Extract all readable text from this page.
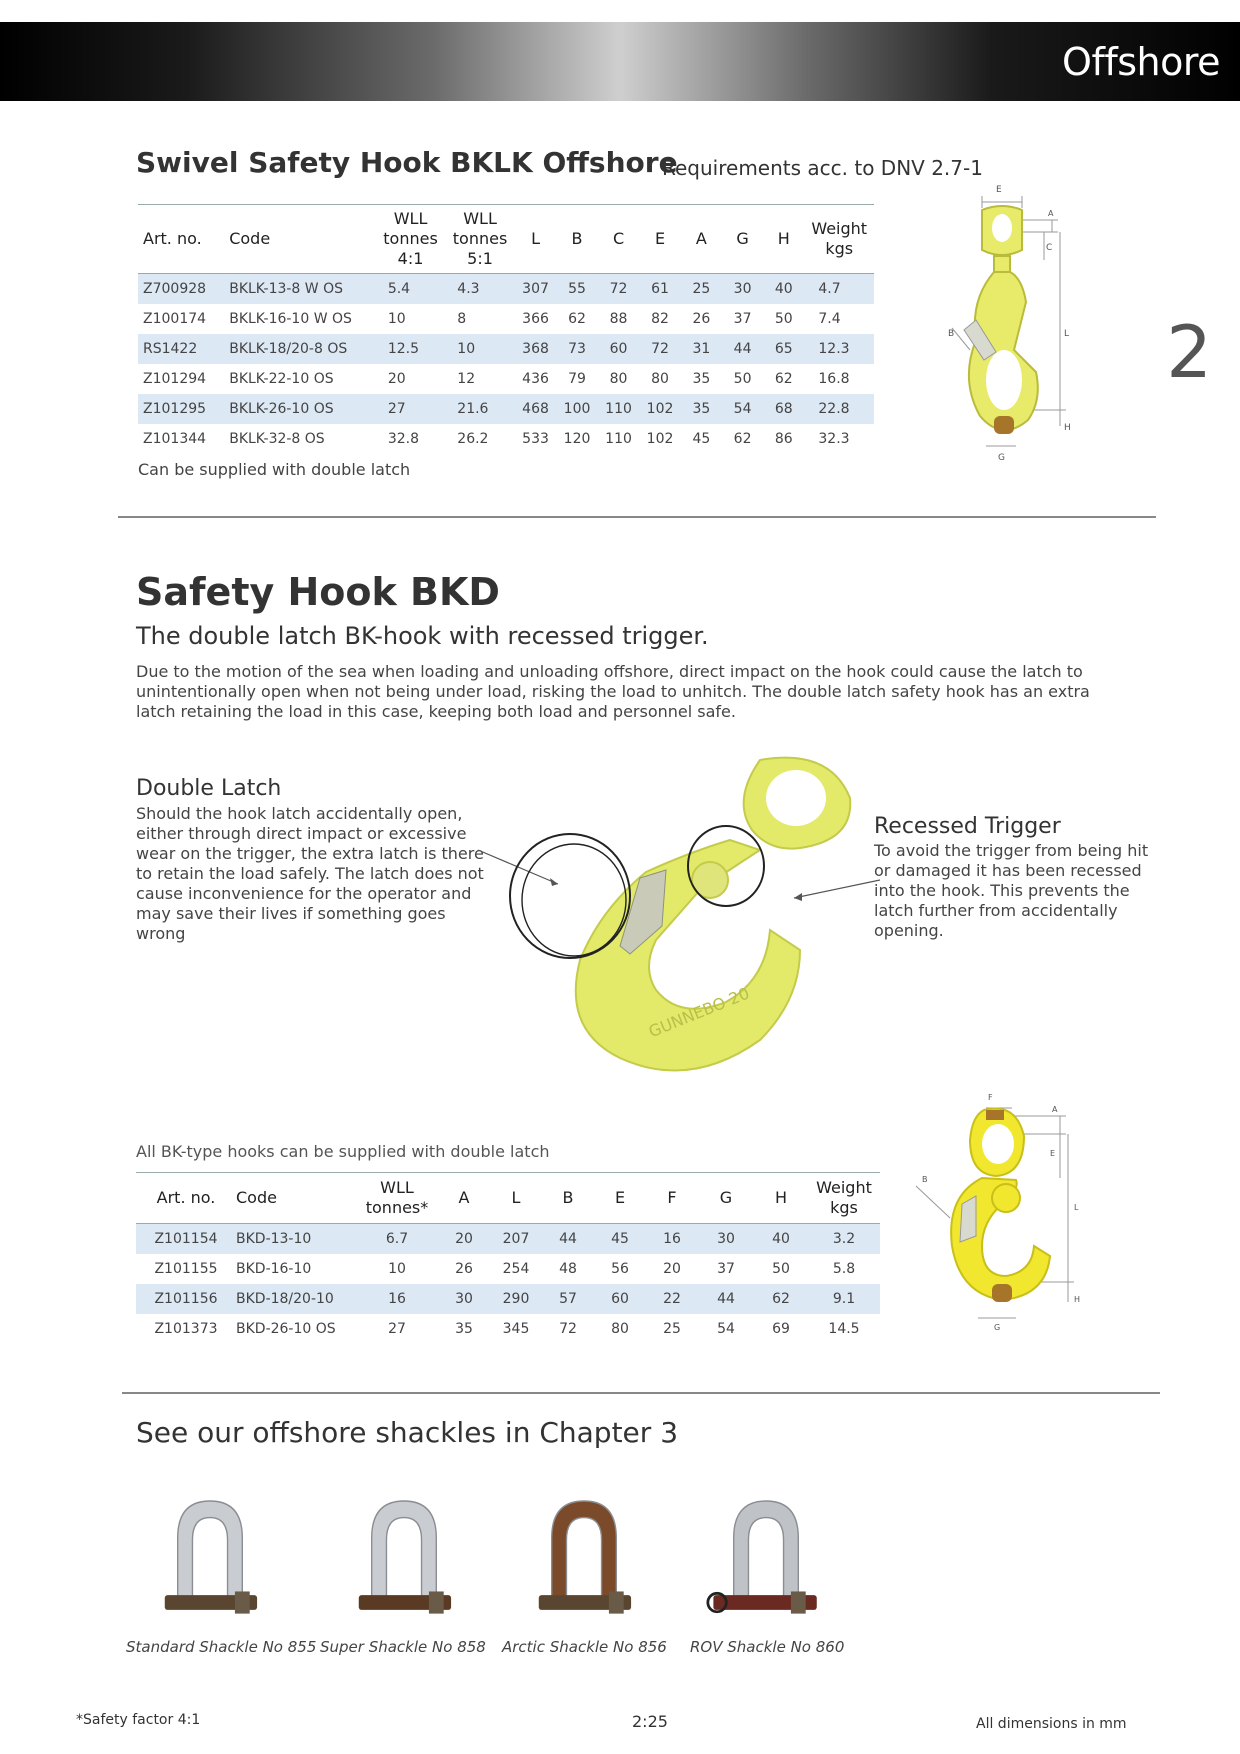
Offshore
2
Swivel Safety Hook BKLK Offshore
Requirements acc. to DNV 2.7-1
Art. no.	Code	WLL
tonnes
4:1	WLL
tonnes
5:1	L	B	C	E	A	G	H	Weight
kgs
Z700928	BKLK-13-8 W OS	5.4	4.3	307	55	72	61	25	30	40	4.7
Z100174	BKLK-16-10 W OS	10	8	366	62	88	82	26	37	50	7.4
RS1422	BKLK-18/20-8 OS	12.5	10	368	73	60	72	31	44	65	12.3
Z101294	BKLK-22-10 OS	20	12	436	79	80	80	35	50	62	16.8
Z101295	BKLK-26-10 OS	27	21.6	468	100	110	102	35	54	68	22.8
Z101344	BKLK-32-8 OS	32.8	26.2	533	120	110	102	45	62	86	32.3
Can be supplied with double latch
E
A
C
B	L
H
G
Safety Hook BKD
The double latch BK-hook with recessed trigger.
Due to the motion of the sea when loading and unloading offshore, direct impact on the hook could cause the latch to unintentionally open when not being under load, risking the load to unhitch. The double latch safety hook has an extra latch retaining the load in this case, keeping both load and personnel safe.
Double Latch
Should the hook latch accidentally open, either through direct impact or excessive wear on the trigger, the extra latch is there to retain the load safely. The latch does not cause inconvenience for the operator and may save their lives if something goes wrong
Recessed Trigger
To avoid the trigger from being hit or damaged it has been recessed into the hook. This prevents the latch further from accidentally opening.
GUNNEBO 20
All BK-type hooks can be supplied with double latch
Art. no.	Code	WLL
tonnes*	A	L	B	E	F	G	H	Weight
kgs
Z101154	BKD-13-10	6.7	20	207	44	45	16	30	40	3.2
Z101155	BKD-16-10	10	26	254	48	56	20	37	50	5.8
Z101156	BKD-18/20-10	16	30	290	57	60	22	44	62	9.1
Z101373	BKD-26-10 OS	27	35	345	72	80	25	54	69	14.5
F
A
E
B
L
H
G
See our offshore shackles in Chapter 3
Standard Shackle No 855 Super Shackle No 858 Arctic Shackle No 856 ROV Shackle No 860
*Safety factor 4:1	2:25	All dimensions in mm
